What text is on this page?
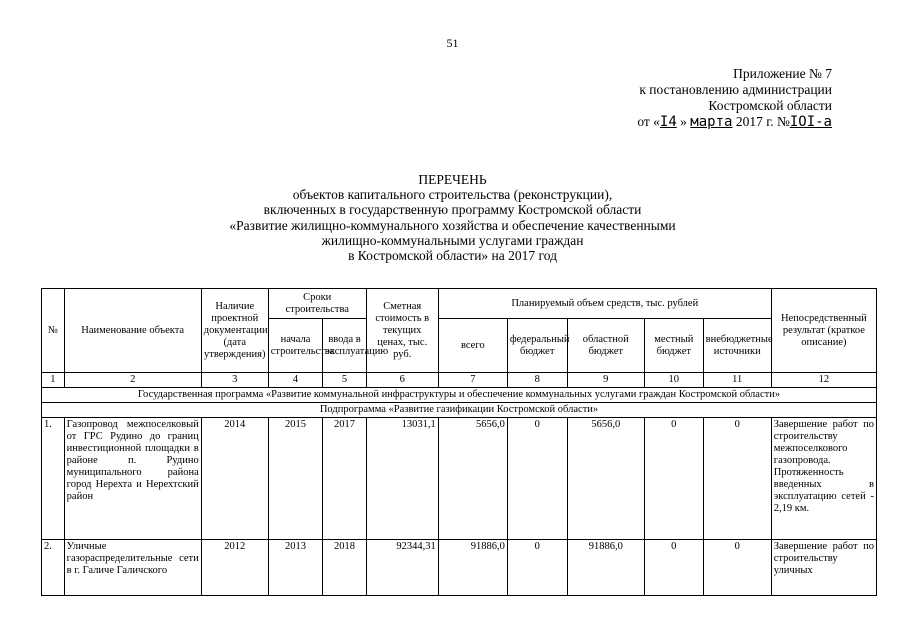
51
Приложение № 7
к постановлению администрации
Костромской области
от «I4 » марта 2017 г. №IOI-а
ПЕРЕЧЕНЬ
объектов капитального строительства (реконструкции),
включенных в государственную программу Костромской области
«Развитие жилищно-коммунального хозяйства и обеспечение качественными
жилищно-коммунальными услугами граждан
в Костромской области» на 2017 год
№	Наименование объекта	Наличие проектной документации (дата утверждения)	Сроки строительства		Сметная стоимость в текущих ценах, тыс. руб.	Планируемый объем средств, тыс. рублей					Непосредственный результат (краткое описание)
			начала строительства	ввода в эксплуатацию		всего	федеральный бюджет	областной бюджет	местный бюджет	внебюджетные источники	
1	2	3	4	5	6	7	8	9	10	11	12
Государственная программа «Развитие коммунальной инфраструктуры и обеспечение коммунальных услугами граждан Костромской области»											
Подпрограмма «Развитие газификации Костромской области»											
1.	Газопровод межпоселковый от ГРС Рудино до границ инвестиционной площадки в районе п. Рудино муниципального района город Нерехта и Нерехтский район	2014	2015	2017	13031,1	5656,0	0	5656,0	0	0	Завершение работ по строительству межпоселкового газопровода. Протяженность введенных в эксплуатацию сетей - 2,19 км.
2.	Уличные газораспределительные сети в г. Галиче Галичского	2012	2013	2018	92344,31	91886,0	0	91886,0	0	0	Завершение работ по строительству уличных
